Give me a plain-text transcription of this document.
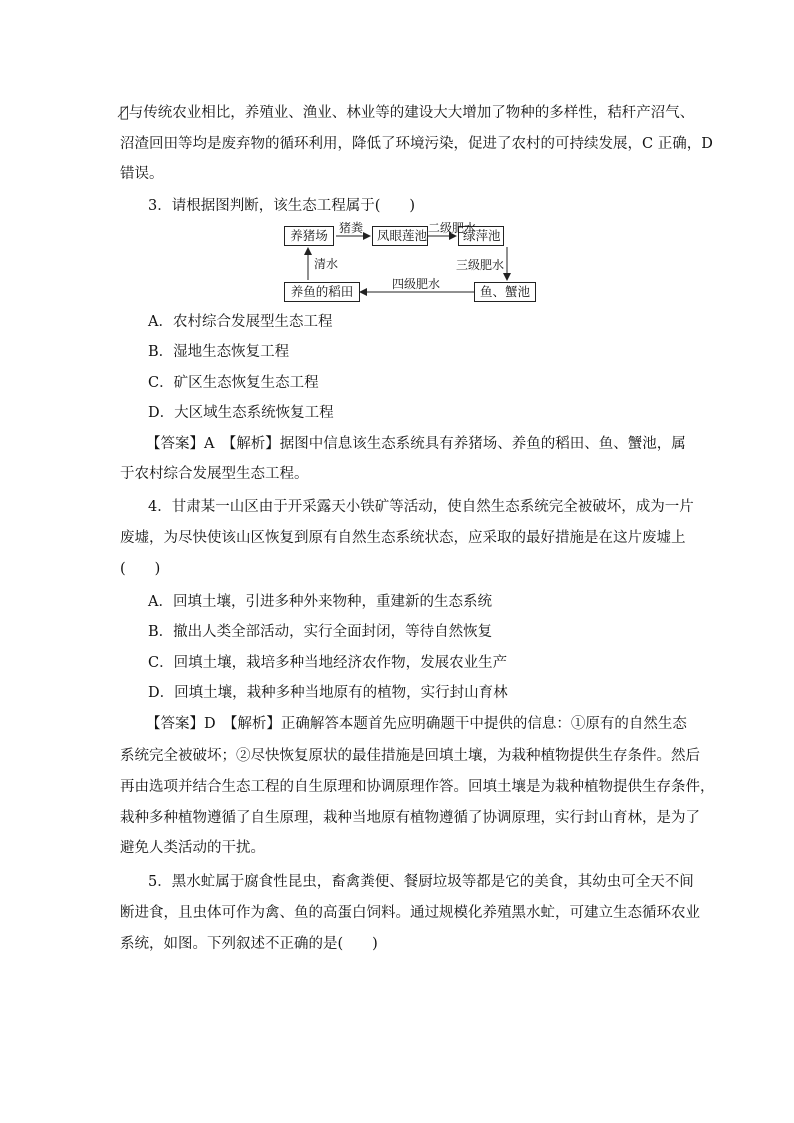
确̸与传统农业相比，养殖业、渔业、林业等的建设大大增加了物种的多样性，秸秆产沼气、
沼渣回田等均是废弃物的循环利用，降低了环境污染，促进了农村的可持续发展，C 正确，D
错误。
3．请根据图判断，该生态工程属于(　　)
养猪场	凤眼莲池	绿萍池
鱼、蟹池
养鱼的稻田
猪粪	二级肥水
三级肥水
四级肥水
清水
A．农村综合发展型生态工程
B．湿地生态恢复工程
C．矿区生态恢复生态工程
D．大区域生态系统恢复工程
【答案】A　【解析】据图中信息该生态系统具有养猪场、养鱼的稻田、鱼、蟹池，属
于农村综合发展型生态工程。
4．甘肃某一山区由于开采露天小铁矿等活动，使自然生态系统完全被破坏，成为一片
废墟，为尽快使该山区恢复到原有自然生态系统状态，应采取的最好措施是在这片废墟上
(　　)
A．回填土壤，引进多种外来物种，重建新的生态系统
B．撤出人类全部活动，实行全面封闭，等待自然恢复
C．回填土壤，栽培多种当地经济农作物，发展农业生产
D．回填土壤，栽种多种当地原有的植物，实行封山育林
【答案】D　【解析】正确解答本题首先应明确题干中提供的信息：①原有的自然生态
系统完全被破坏；②尽快恢复原状的最佳措施是回填土壤，为栽种植物提供生存条件。然后
再由选项并结合生态工程的自生原理和协调原理作答。回填土壤是为栽种植物提供生存条件，
栽种多种植物遵循了自生原理，栽种当地原有植物遵循了协调原理，实行封山育林，是为了
避免人类活动的干扰。
5．黑水虻属于腐食性昆虫，畜禽粪便、餐厨垃圾等都是它的美食，其幼虫可全天不间
断进食，且虫体可作为禽、鱼的高蛋白饲料。通过规模化养殖黑水虻，可建立生态循环农业
系统，如图。下列叙述不正确的是(　　)
